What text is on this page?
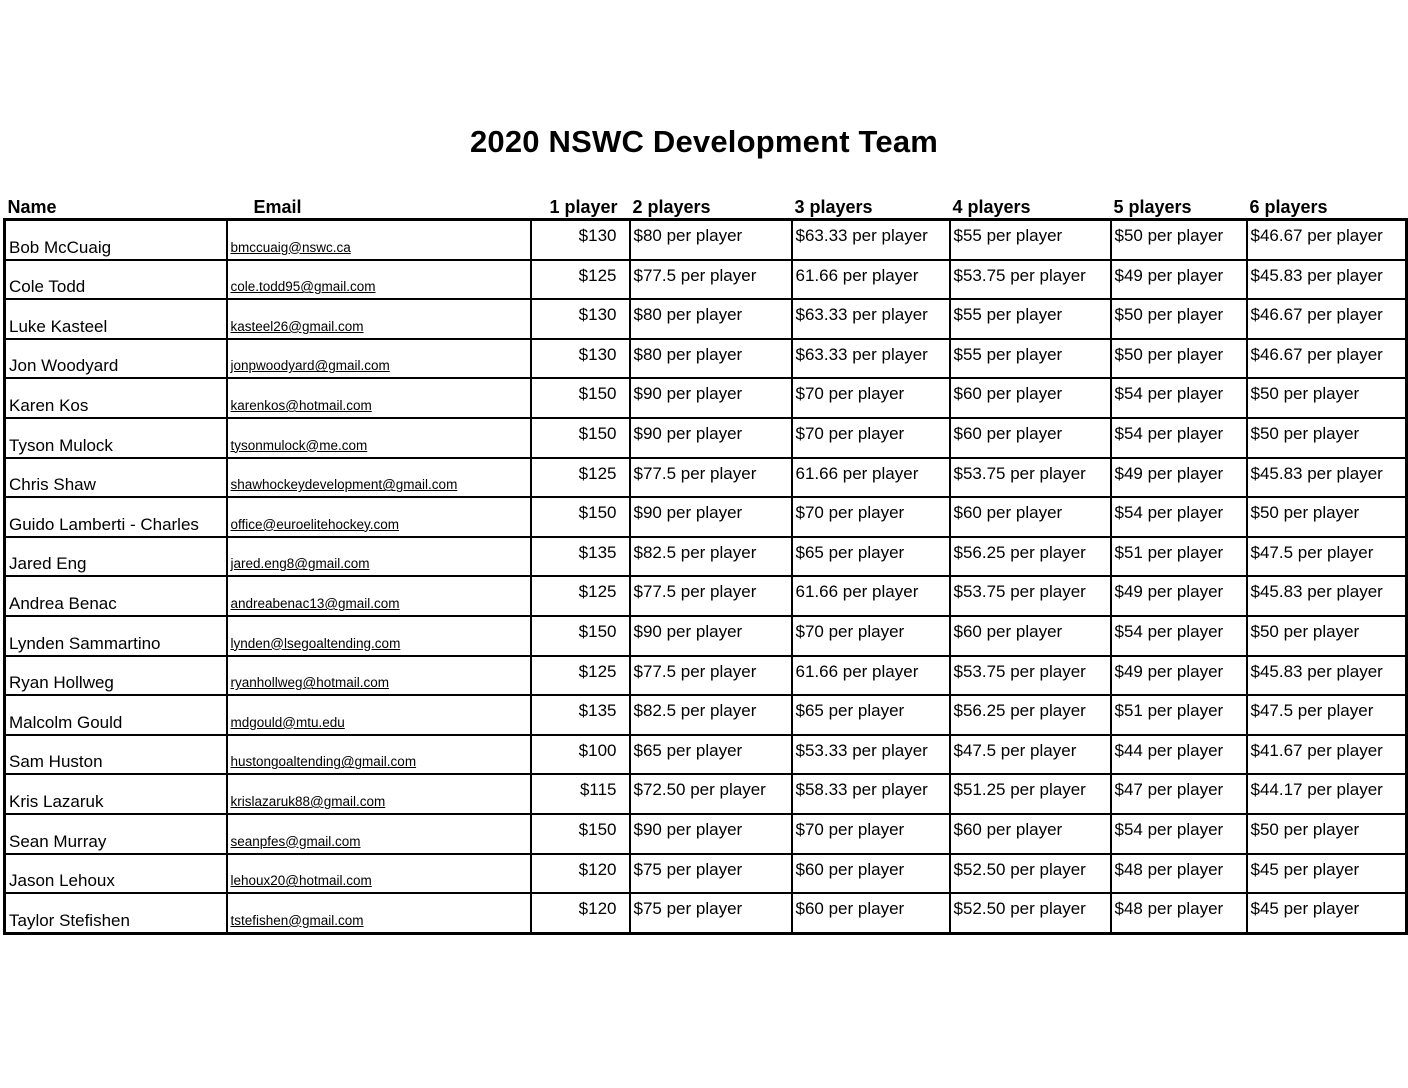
2020 NSWC Development Team
Name	Email	1 player	2 players	3 players	4 players	5 players	6 players
Bob McCuaig	bmccuaig@nswc.ca	$130	$80 per player	$63.33 per player	$55 per player	$50 per player	$46.67 per player
Cole Todd	cole.todd95@gmail.com	$125	$77.5 per player	61.66 per player	$53.75 per player	$49 per player	$45.83 per player
Luke Kasteel	kasteel26@gmail.com	$130	$80 per player	$63.33 per player	$55 per player	$50 per player	$46.67 per player
Jon Woodyard	jonpwoodyard@gmail.com	$130	$80 per player	$63.33 per player	$55 per player	$50 per player	$46.67 per player
Karen Kos	karenkos@hotmail.com	$150	$90 per player	$70 per player	$60 per player	$54 per player	$50 per player
Tyson Mulock	tysonmulock@me.com	$150	$90 per player	$70 per player	$60 per player	$54 per player	$50 per player
Chris Shaw	shawhockeydevelopment@gmail.com	$125	$77.5 per player	61.66 per player	$53.75 per player	$49 per player	$45.83 per player
Guido Lamberti - Charles	office@euroelitehockey.com	$150	$90 per player	$70 per player	$60 per player	$54 per player	$50 per player
Jared Eng	jared.eng8@gmail.com	$135	$82.5 per player	$65 per player	$56.25 per player	$51 per player	$47.5 per player
Andrea Benac	andreabenac13@gmail.com	$125	$77.5 per player	61.66 per player	$53.75 per player	$49 per player	$45.83 per player
Lynden Sammartino	lynden@lsegoaltending.com	$150	$90 per player	$70 per player	$60 per player	$54 per player	$50 per player
Ryan Hollweg	ryanhollweg@hotmail.com	$125	$77.5 per player	61.66 per player	$53.75 per player	$49 per player	$45.83 per player
Malcolm Gould	mdgould@mtu.edu	$135	$82.5 per player	$65 per player	$56.25 per player	$51 per player	$47.5 per player
Sam Huston	hustongoaltending@gmail.com	$100	$65 per player	$53.33 per player	$47.5 per player	$44 per player	$41.67 per player
Kris Lazaruk	krislazaruk88@gmail.com	$115	$72.50 per player	$58.33 per player	$51.25 per player	$47 per player	$44.17 per player
Sean Murray	seanpfes@gmail.com	$150	$90 per player	$70 per player	$60 per player	$54 per player	$50 per player
Jason Lehoux	lehoux20@hotmail.com	$120	$75 per player	$60 per player	$52.50 per player	$48 per player	$45 per player
Taylor Stefishen	tstefishen@gmail.com	$120	$75 per player	$60 per player	$52.50 per player	$48 per player	$45 per player
